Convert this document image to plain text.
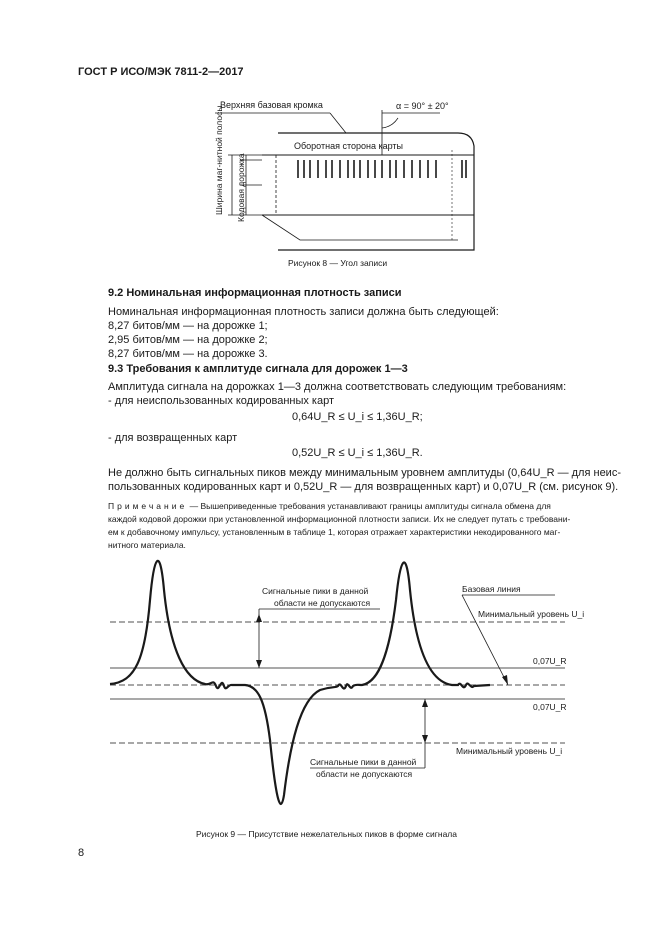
ГОСТ Р ИСО/МЭК 7811-2—2017
Верхняя базовая кромка	α = 90° ± 20°
Оборотная сторона карты
Ширина маг-нитной полосы Кодовая дорожка
Рисунок 8 — Угол записи
9.2 Номинальная информационная плотность записи
Номинальная информационная плотность записи должна быть следующей:
8,27 битов/мм — на дорожке 1;
2,95 битов/мм — на дорожке 2;
8,27 битов/мм — на дорожке 3.
9.3 Требования к амплитуде сигнала для дорожек 1—3
Амплитуда сигнала на дорожках 1—3 должна соответствовать следующим требованиям:
- для неиспользованных кодированных карт
0,64U_R ≤ U_i ≤ 1,36U_R;
- для возвращенных карт
0,52U_R ≤ U_i ≤ 1,36U_R.
Не должно быть сигнальных пиков между минимальным уровнем амплитуды (0,64U_R — для неис-
пользованных кодированных карт и 0,52U_R — для возвращенных карт) и 0,07U_R (см. рисунок 9).
Примечание — Вышеприведенные требования устанавливают границы амплитуды сигнала обмена для
каждой кодовой дорожки при установленной информационной плотности записи. Их не следует путать с требовани-
ем к добавочному импульсу, установленным в таблице 1, которая отражает характеристики некодированного маг-
нитного материала.
Сигнальные пики в данной
области не допускаются
Базовая линия
Минимальный уровень U_i
0,07U_R
0,07U_R
Минимальный уровень U_i
Сигнальные пики в данной
области не допускаются
Рисунок 9 — Присутствие нежелательных пиков в форме сигнала
8
